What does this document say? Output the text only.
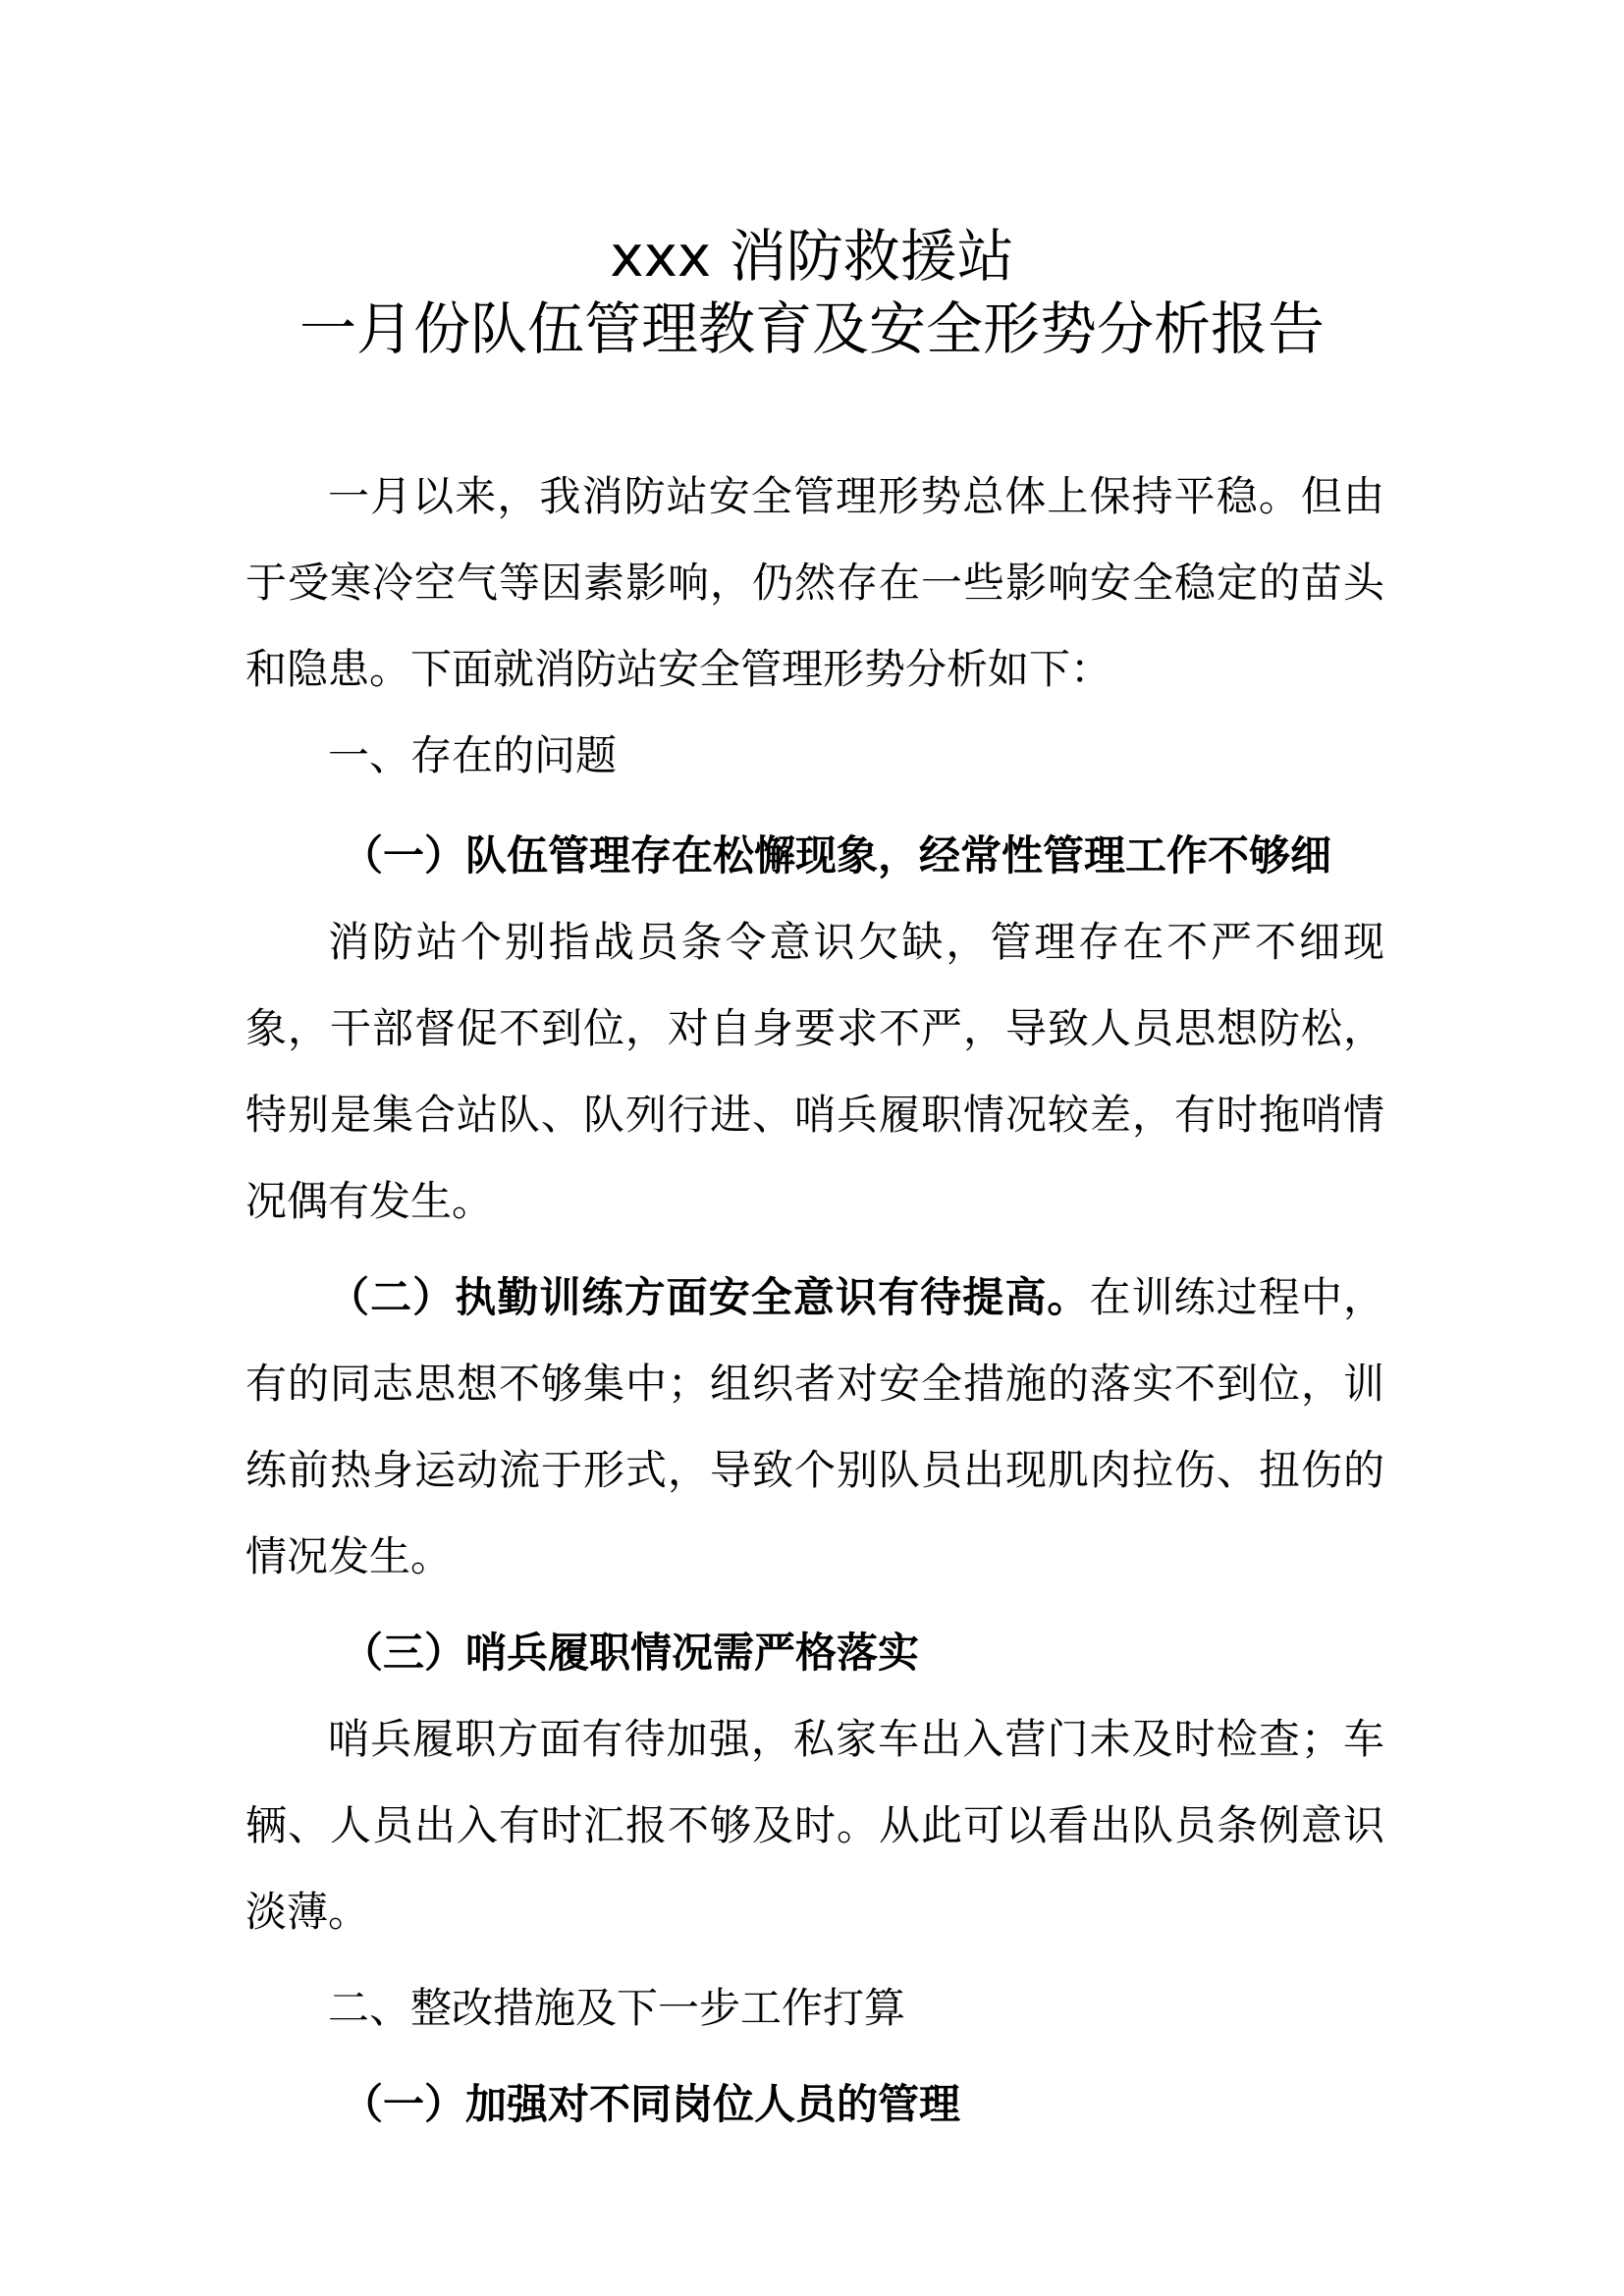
xxx 消防救援站
一月份队伍管理教育及安全形势分析报告

一月以来，我消防站安全管理形势总体上保持平稳。但由于受寒冷空气等因素影响，仍然存在一些影响安全稳定的苗头和隐患。下面就消防站安全管理形势分析如下：

一、存在的问题

（一）队伍管理存在松懈现象，经常性管理工作不够细

消防站个别指战员条令意识欠缺，管理存在不严不细现象，干部督促不到位，对自身要求不严，导致人员思想防松，特别是集合站队、队列行进、哨兵履职情况较差，有时拖哨情况偶有发生。

（二）执勤训练方面安全意识有待提高。在训练过程中，有的同志思想不够集中；组织者对安全措施的落实不到位，训练前热身运动流于形式，导致个别队员出现肌肉拉伤、扭伤的情况发生。

（三）哨兵履职情况需严格落实

哨兵履职方面有待加强，私家车出入营门未及时检查；车辆、人员出入有时汇报不够及时。从此可以看出队员条例意识淡薄。

二、整改措施及下一步工作打算

（一）加强对不同岗位人员的管理
